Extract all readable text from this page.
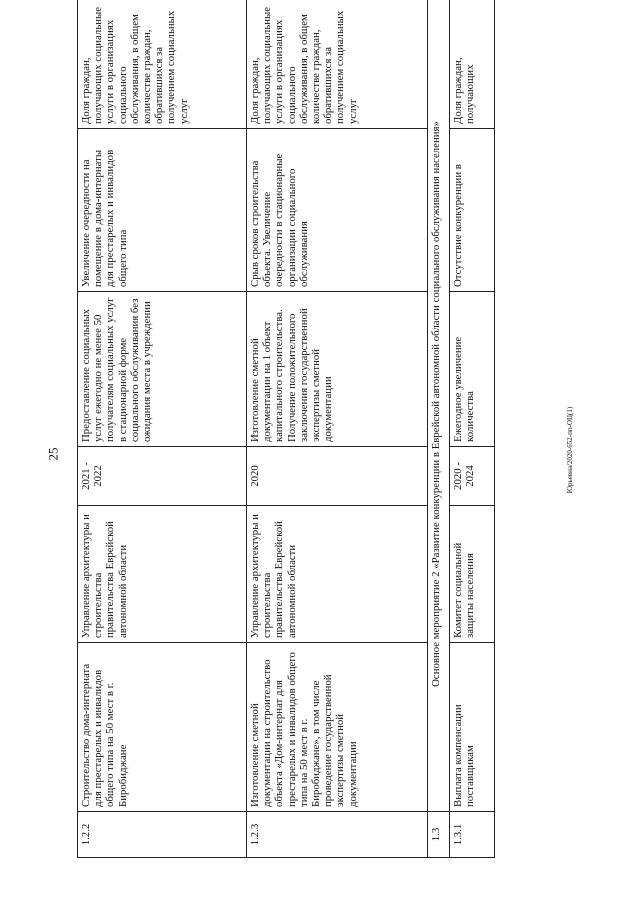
25	Юрьевна/2020-652-пп-ОЦ(1)
1.2.2	Строительство дома-интерната для престарелых и инвалидов общего типа на 50 мест в г. Биробиджане	Управление архитектуры и строительства правительства Еврейской автономной области	2021 - 2022	Предоставление социальных услуг ежегодно не менее 50 получателям социальных услуг в стационарной форме социального обслуживания без ожидания места в учреждении	Увеличение очередности на помещение в дома-интернаты для престарелых и инвалидов общего типа	Доля граждан, получающих социальные услуги в организациях социального обслуживания, в общем количестве граждан, обратившихся за получением социальных услуг
1.2.3	Изготовление сметной документации на строительство объекта «Дом-интернат для престарелых и инвалидов общего типа на 50 мест в г. Биробиджане», в том числе проведение государственной экспертизы сметной документации	Управление архитектуры и строительства правительства Еврейской автономной области	2020	Изготовление сметной документации на 1 объект капитального строительства. Получение положительного заключения государственной экспертизы сметной документации	Срыв сроков строительства объекта. Увеличение очередности в стационарные организации социального обслуживания	Доля граждан, получающих социальные услуги в организациях социального обслуживания, в общем количестве граждан, обратившихся за получением социальных услуг
1.3	Основное мероприятие 2 «Развитие конкуренции в Еврейской автономной области социального обслуживания населения»					

1.3.1	Выплата компенсации поставщикам	Комитет социальной защиты населения	2020 - 2024	Ежегодное увеличение количества	Отсутствие конкуренции в	Доля граждан, получающих
